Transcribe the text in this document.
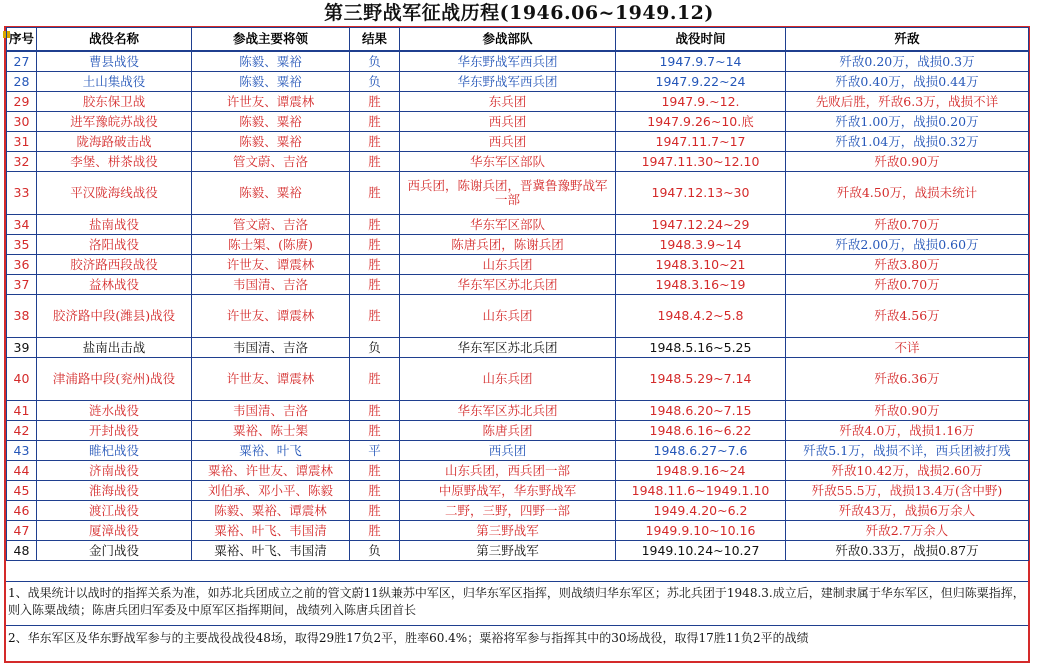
第三野战军征战历程(1946.06~1949.12)
序号	战役名称	参战主要将领	结果	参战部队	战役时间	歼敌
27	曹县战役	陈毅、粟裕	负	华东野战军西兵团	1947.9.7~14	歼敌0.20万，战损0.3万
28	土山集战役	陈毅、粟裕	负	华东野战军西兵团	1947.9.22~24	歼敌0.40万，战损0.44万
29	胶东保卫战	许世友、谭震林	胜	东兵团	1947.9.~12.	先败后胜，歼敌6.3万，战损不详
30	进军豫皖苏战役	陈毅、粟裕	胜	西兵团	1947.9.26~10.底	歼敌1.00万，战损0.20万
31	陇海路破击战	陈毅、粟裕	胜	西兵团	1947.11.7~17	歼敌1.04万，战损0.32万
32	李堡、栟茶战役	管文蔚、吉洛	胜	华东军区部队	1947.11.30~12.10	歼敌0.90万
33	平汉陇海线战役	陈毅、粟裕	胜	西兵团，陈谢兵团，晋冀鲁豫野战军一部	1947.12.13~30	歼敌4.50万，战损未统计
34	盐南战役	管文蔚、吉洛	胜	华东军区部队	1947.12.24~29	歼敌0.70万
35	洛阳战役	陈士榘、(陈赓)	胜	陈唐兵团，陈谢兵团	1948.3.9~14	歼敌2.00万，战损0.60万
36	胶济路西段战役	许世友、谭震林	胜	山东兵团	1948.3.10~21	歼敌3.80万
37	益林战役	韦国清、吉洛	胜	华东军区苏北兵团	1948.3.16~19	歼敌0.70万
38	胶济路中段(潍县)战役	许世友、谭震林	胜	山东兵团	1948.4.2~5.8	歼敌4.56万
39	盐南出击战	韦国清、吉洛	负	华东军区苏北兵团	1948.5.16~5.25	不详
40	津浦路中段(兖州)战役	许世友、谭震林	胜	山东兵团	1948.5.29~7.14	歼敌6.36万
41	涟水战役	韦国清、吉洛	胜	华东军区苏北兵团	1948.6.20~7.15	歼敌0.90万
42	开封战役	粟裕、陈士榘	胜	陈唐兵团	1948.6.16~6.22	歼敌4.0万，战损1.16万
43	睢杞战役	粟裕、叶飞	平	西兵团	1948.6.27~7.6	歼敌5.1万，战损不详，西兵团被打残
44	济南战役	粟裕、许世友、谭震林	胜	山东兵团，西兵团一部	1948.9.16~24	歼敌10.42万，战损2.60万
45	淮海战役	刘伯承、邓小平、陈毅	胜	中原野战军，华东野战军	1948.11.6~1949.1.10	歼敌55.5万，战损13.4万(含中野)
46	渡江战役	陈毅、粟裕、谭震林	胜	二野，三野，四野一部	1949.4.20~6.2	歼敌43万，战损6万余人
47	厦漳战役	粟裕、叶飞、韦国清	胜	第三野战军	1949.9.10~10.16	歼敌2.7万余人
48	金门战役	粟裕、叶飞、韦国清	负	第三野战军	1949.10.24~10.27	歼敌0.33万，战损0.87万

1、战果统计以战时的指挥关系为准，如苏北兵团成立之前的管文蔚11纵兼苏中军区，归华东军区指挥，则战绩归华东军区；苏北兵团于1948.3.成立后，建制隶属于华东军区，但归陈粟指挥，则入陈粟战绩；陈唐兵团归军委及中原军区指挥期间，战绩列入陈唐兵团首长

2、华东军区及华东野战军参与的主要战役战役48场，取得29胜17负2平，胜率60.4%；粟裕将军参与指挥其中的30场战役，取得17胜11负2平的战绩
